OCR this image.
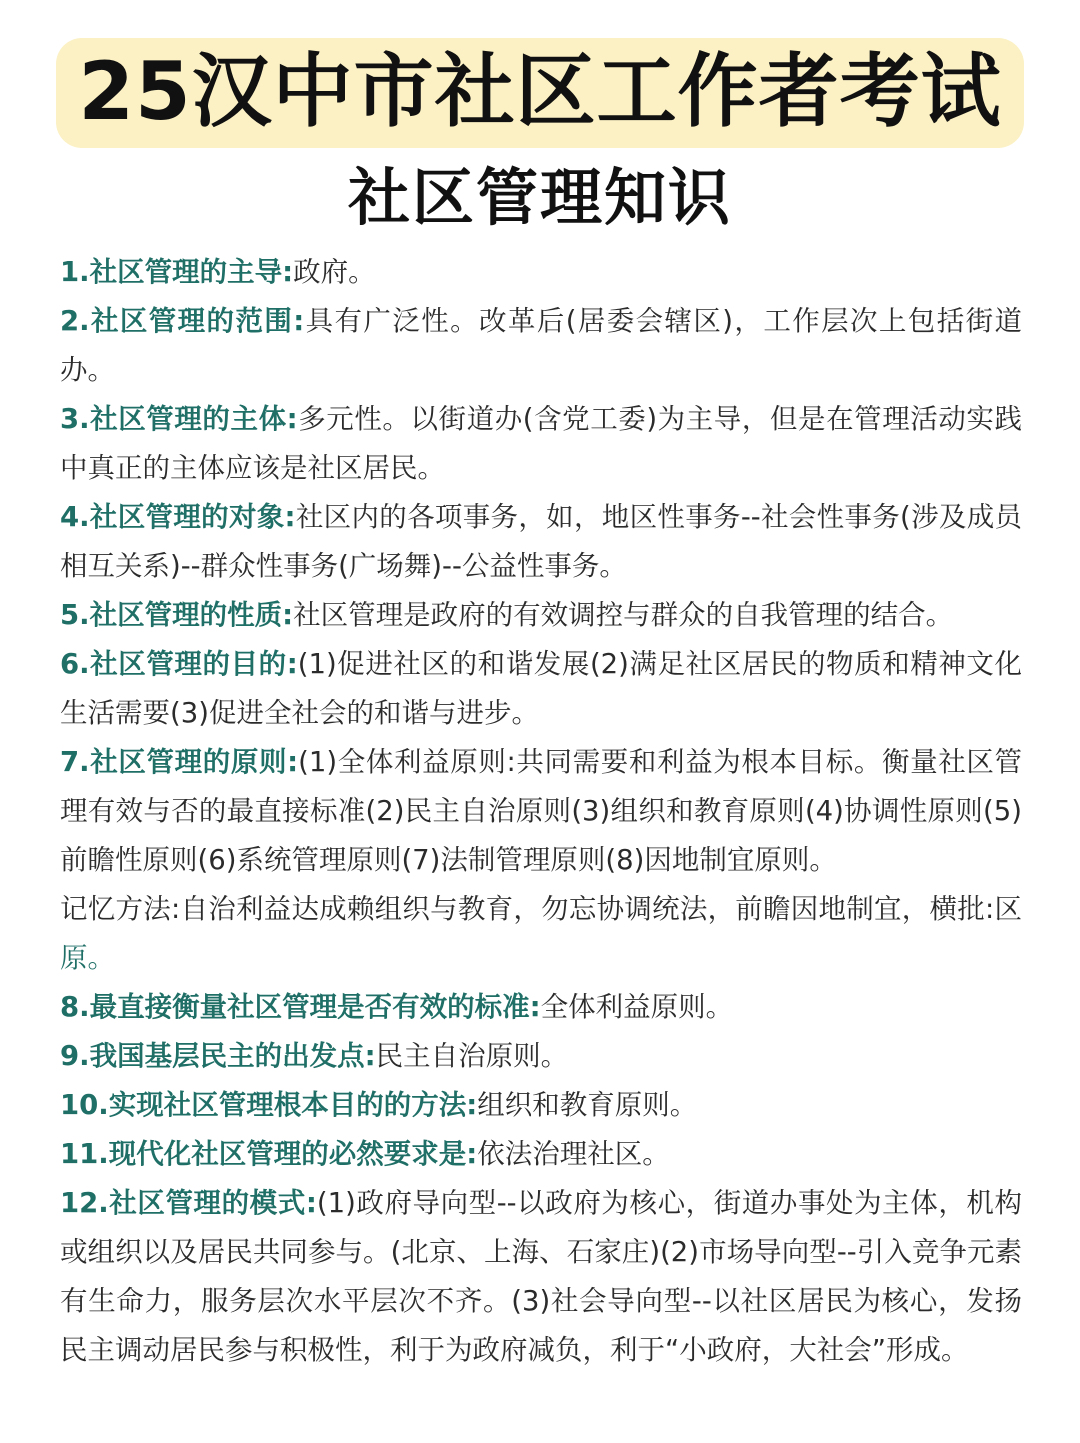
25汉中市社区工作者考试
社区管理知识

1.社区管理的主导:政府。

2.社区管理的范围:具有广泛性。改革后(居委会辖区)，工作层次上包括街道办。

3.社区管理的主体:多元性。以街道办(含党工委)为主导，但是在管理活动实践中真正的主体应该是社区居民。

4.社区管理的对象:社区内的各项事务，如，地区性事务--社会性事务(涉及成员相互关系)--群众性事务(广场舞)--公益性事务。

5.社区管理的性质:社区管理是政府的有效调控与群众的自我管理的结合。

6.社区管理的目的:(1)促进社区的和谐发展(2)满足社区居民的物质和精神文化生活需要(3)促进全社会的和谐与进步。

7.社区管理的原则:(1)全体利益原则:共同需要和利益为根本目标。衡量社区管理有效与否的最直接标准(2)民主自治原则(3)组织和教育原则(4)协调性原则(5)前瞻性原则(6)系统管理原则(7)法制管理原则(8)因地制宜原则。

记忆方法:自治利益达成赖组织与教育，勿忘协调统法，前瞻因地制宜，横批:区原。

8.最直接衡量社区管理是否有效的标准:全体利益原则。

9.我国基层民主的出发点:民主自治原则。

10.实现社区管理根本目的的方法:组织和教育原则。

11.现代化社区管理的必然要求是:依法治理社区。

12.社区管理的模式:(1)政府导向型--以政府为核心，街道办事处为主体，机构或组织以及居民共同参与。(北京、上海、石家庄)(2)市场导向型--引入竞争元素有生命力，服务层次水平层次不齐。(3)社会导向型--以社区居民为核心，发扬民主调动居民参与积极性，利于为政府减负，利于“小政府，大社会”形成。
